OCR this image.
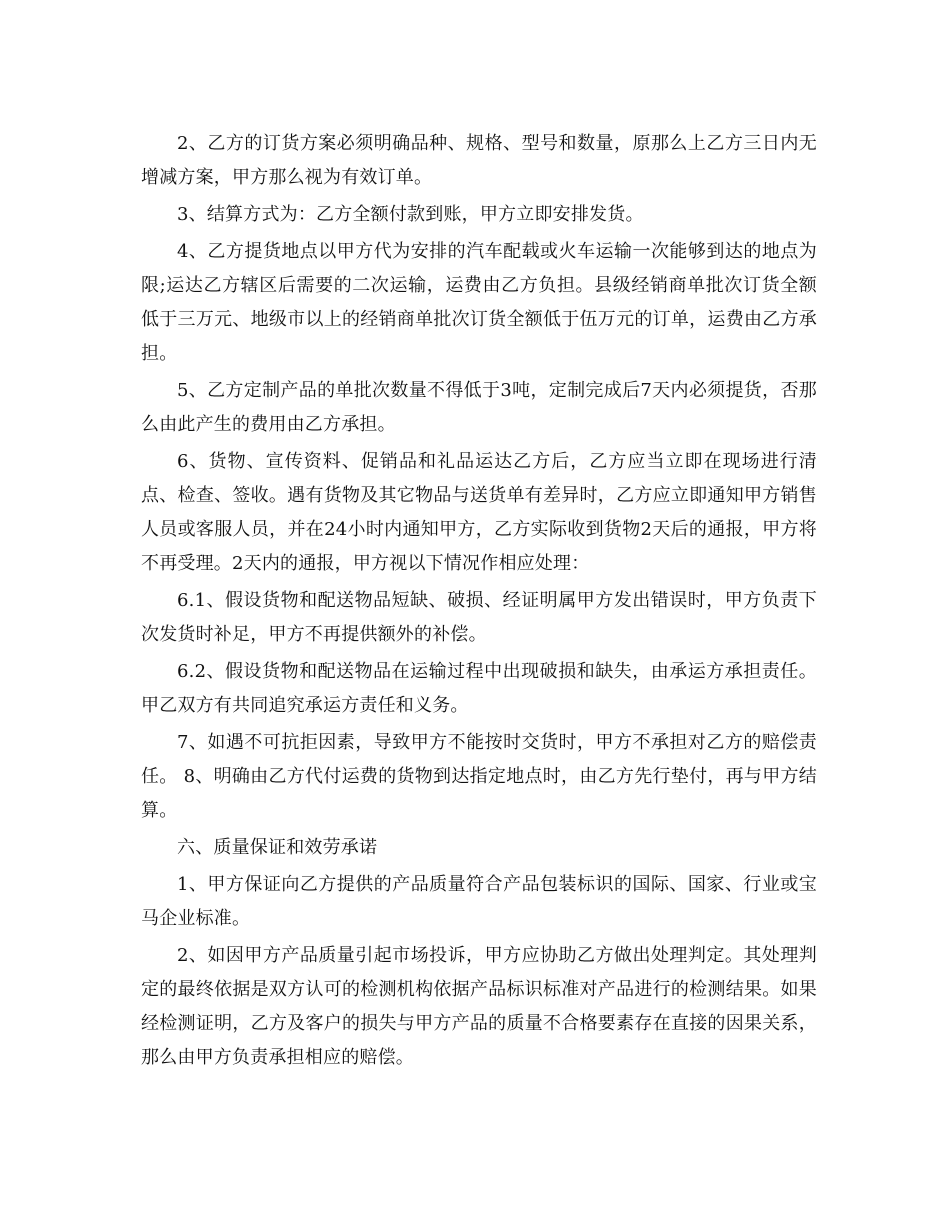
2、乙方的订货方案必须明确品种、规格、型号和数量，原那么上乙方三日内无增减方案，甲方那么视为有效订单。

3、结算方式为：乙方全额付款到账，甲方立即安排发货。

4、乙方提货地点以甲方代为安排的汽车配载或火车运输一次能够到达的地点为限;运达乙方辖区后需要的二次运输，运费由乙方负担。县级经销商单批次订货全额低于三万元、地级市以上的经销商单批次订货全额低于伍万元的订单，运费由乙方承担。

5、乙方定制产品的单批次数量不得低于3吨，定制完成后7天内必须提货，否那么由此产生的费用由乙方承担。

6、货物、宣传资料、促销品和礼品运达乙方后，乙方应当立即在现场进行清点、检查、签收。遇有货物及其它物品与送货单有差异时，乙方应立即通知甲方销售人员或客服人员，并在24小时内通知甲方，乙方实际收到货物2天后的通报，甲方将不再受理。2天内的通报，甲方视以下情况作相应处理：

6.1、假设货物和配送物品短缺、破损、经证明属甲方发出错误时，甲方负责下次发货时补足，甲方不再提供额外的补偿。

6.2、假设货物和配送物品在运输过程中出现破损和缺失，由承运方承担责任。甲乙双方有共同追究承运方责任和义务。

7、如遇不可抗拒因素，导致甲方不能按时交货时，甲方不承担对乙方的赔偿责任。 8、明确由乙方代付运费的货物到达指定地点时，由乙方先行垫付，再与甲方结算。

六、质量保证和效劳承诺

1、甲方保证向乙方提供的产品质量符合产品包装标识的国际、国家、行业或宝马企业标准。

2、如因甲方产品质量引起市场投诉，甲方应协助乙方做出处理判定。其处理判定的最终依据是双方认可的检测机构依据产品标识标准对产品进行的检测结果。如果经检测证明，乙方及客户的损失与甲方产品的质量不合格要素存在直接的因果关系，那么由甲方负责承担相应的赔偿。
